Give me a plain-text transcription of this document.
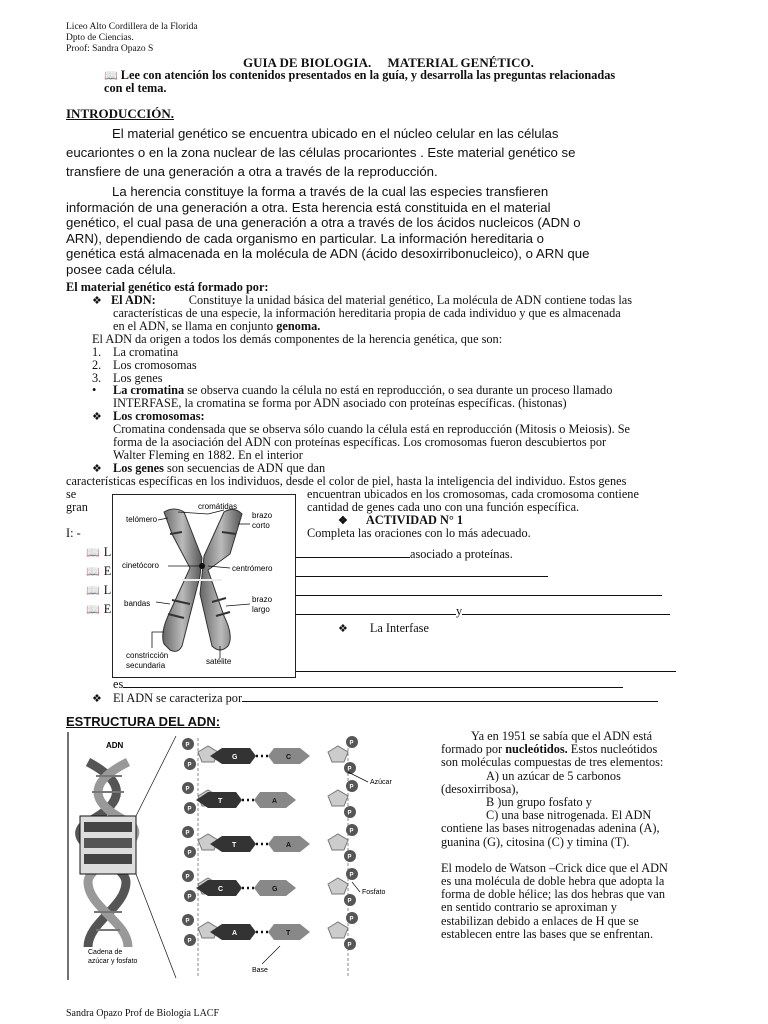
Liceo Alto Cordillera de la Florida
Dpto de Ciencias.
Proof: Sandra Opazo S
GUIA DE BIOLOGIA.     MATERIAL GENÉTICO.
📖 Lee con atención los contenidos presentados en la guía, y desarrolla las preguntas relacionadas
con el tema.
INTRODUCCIÓN.
El material genético se encuentra ubicado en el núcleo celular en las células
eucariontes o en la zona nuclear de las células procariontes . Este material genético se
transfiere de una generación a otra a través de la reproducción.
La herencia constituye la forma a través de la cual las especies transfieren
información de una generación a otra. Esta herencia está constituida en el material
genético, el cual pasa de una generación a otra a través de los ácidos nucleicos (ADN o
ARN), dependiendo de cada organismo en particular. La información hereditaria o
genética está almacenada en la molécula de ADN (ácido desoxirribonucleico), o ARN que
posee cada célula.
El material genético está formado por:
❖ El ADN:	Constituye la unidad básica del material genético, La molécula de ADN contiene todas las
características de una especie, la información hereditaria propia de cada individuo y que es almacenada
en el ADN, se llama en conjunto genoma.
El ADN da origen a todos los demás componentes de la herencia genética, que son:
1. La cromatina
2. Los cromosomas
3. Los genes
• La cromatina se observa cuando la célula no está en reproducción, o sea durante un proceso llamado
INTERFASE, la cromatina se forma por ADN asociado con proteínas específicas. (histonas)
❖ Los cromosomas:
Cromatina condensada que se observa sólo cuando la célula está en reproducción (Mitosis o Meiosis). Se
forma de la asociación del ADN con proteínas específicas. Los cromosomas fueron descubiertos por
Walter Fleming en 1882. En el interior
❖ Los genes son secuencias de ADN que dan
características específicas en los individuos, desde el color de piel, hasta la inteligencia del individuo. Estos genes
se	encuentran ubicados en los cromosomas, cada cromosoma contiene
gran	cantidad de genes cada uno con una función específica.
❖ ACTIVIDAD N° 1
I: -	Completa las oraciones con lo más adecuado.
📖 L	asociado a proteínas.
📖 E
📖 L
📖 E	y
❖ La Interfase
es
❖ El ADN se caracteriza por
cromátidas
telómero	brazo
corto
cinetócoro	centrómero
bandas	brazo
largo
constricción
secundaria	satélite
ESTRUCTURA DEL ADN:
ADN
Cadena de
azúcar y fosfato
P	P
P
P
G	C
P	P
P
P
T	A
P	P
P
P
T	A
P	P
P
P
C	G
P	P
P
P
A	T
Azúcar
Fosfato
Base
Ya en 1951 se sabía que el ADN está
formado por nucleótidos. Estos nucleótidos
son moléculas compuestas de tres elementos:
A) un azúcar de 5 carbonos
(desoxirribosa),
B )un grupo fosfato y
C) una base nitrogenada. El ADN
contiene las bases nitrogenadas adenina (A),
guanina (G), citosina (C) y timina (T).
El modelo de Watson –Crick dice que el ADN
es una molécula de doble hebra que adopta la
forma de doble hélice; las dos hebras que van
en sentido contrario se aproximan y
estabilizan debido a enlaces de H que se
establecen entre las bases que se enfrentan.
Sandra Opazo Prof de Biología LACF
